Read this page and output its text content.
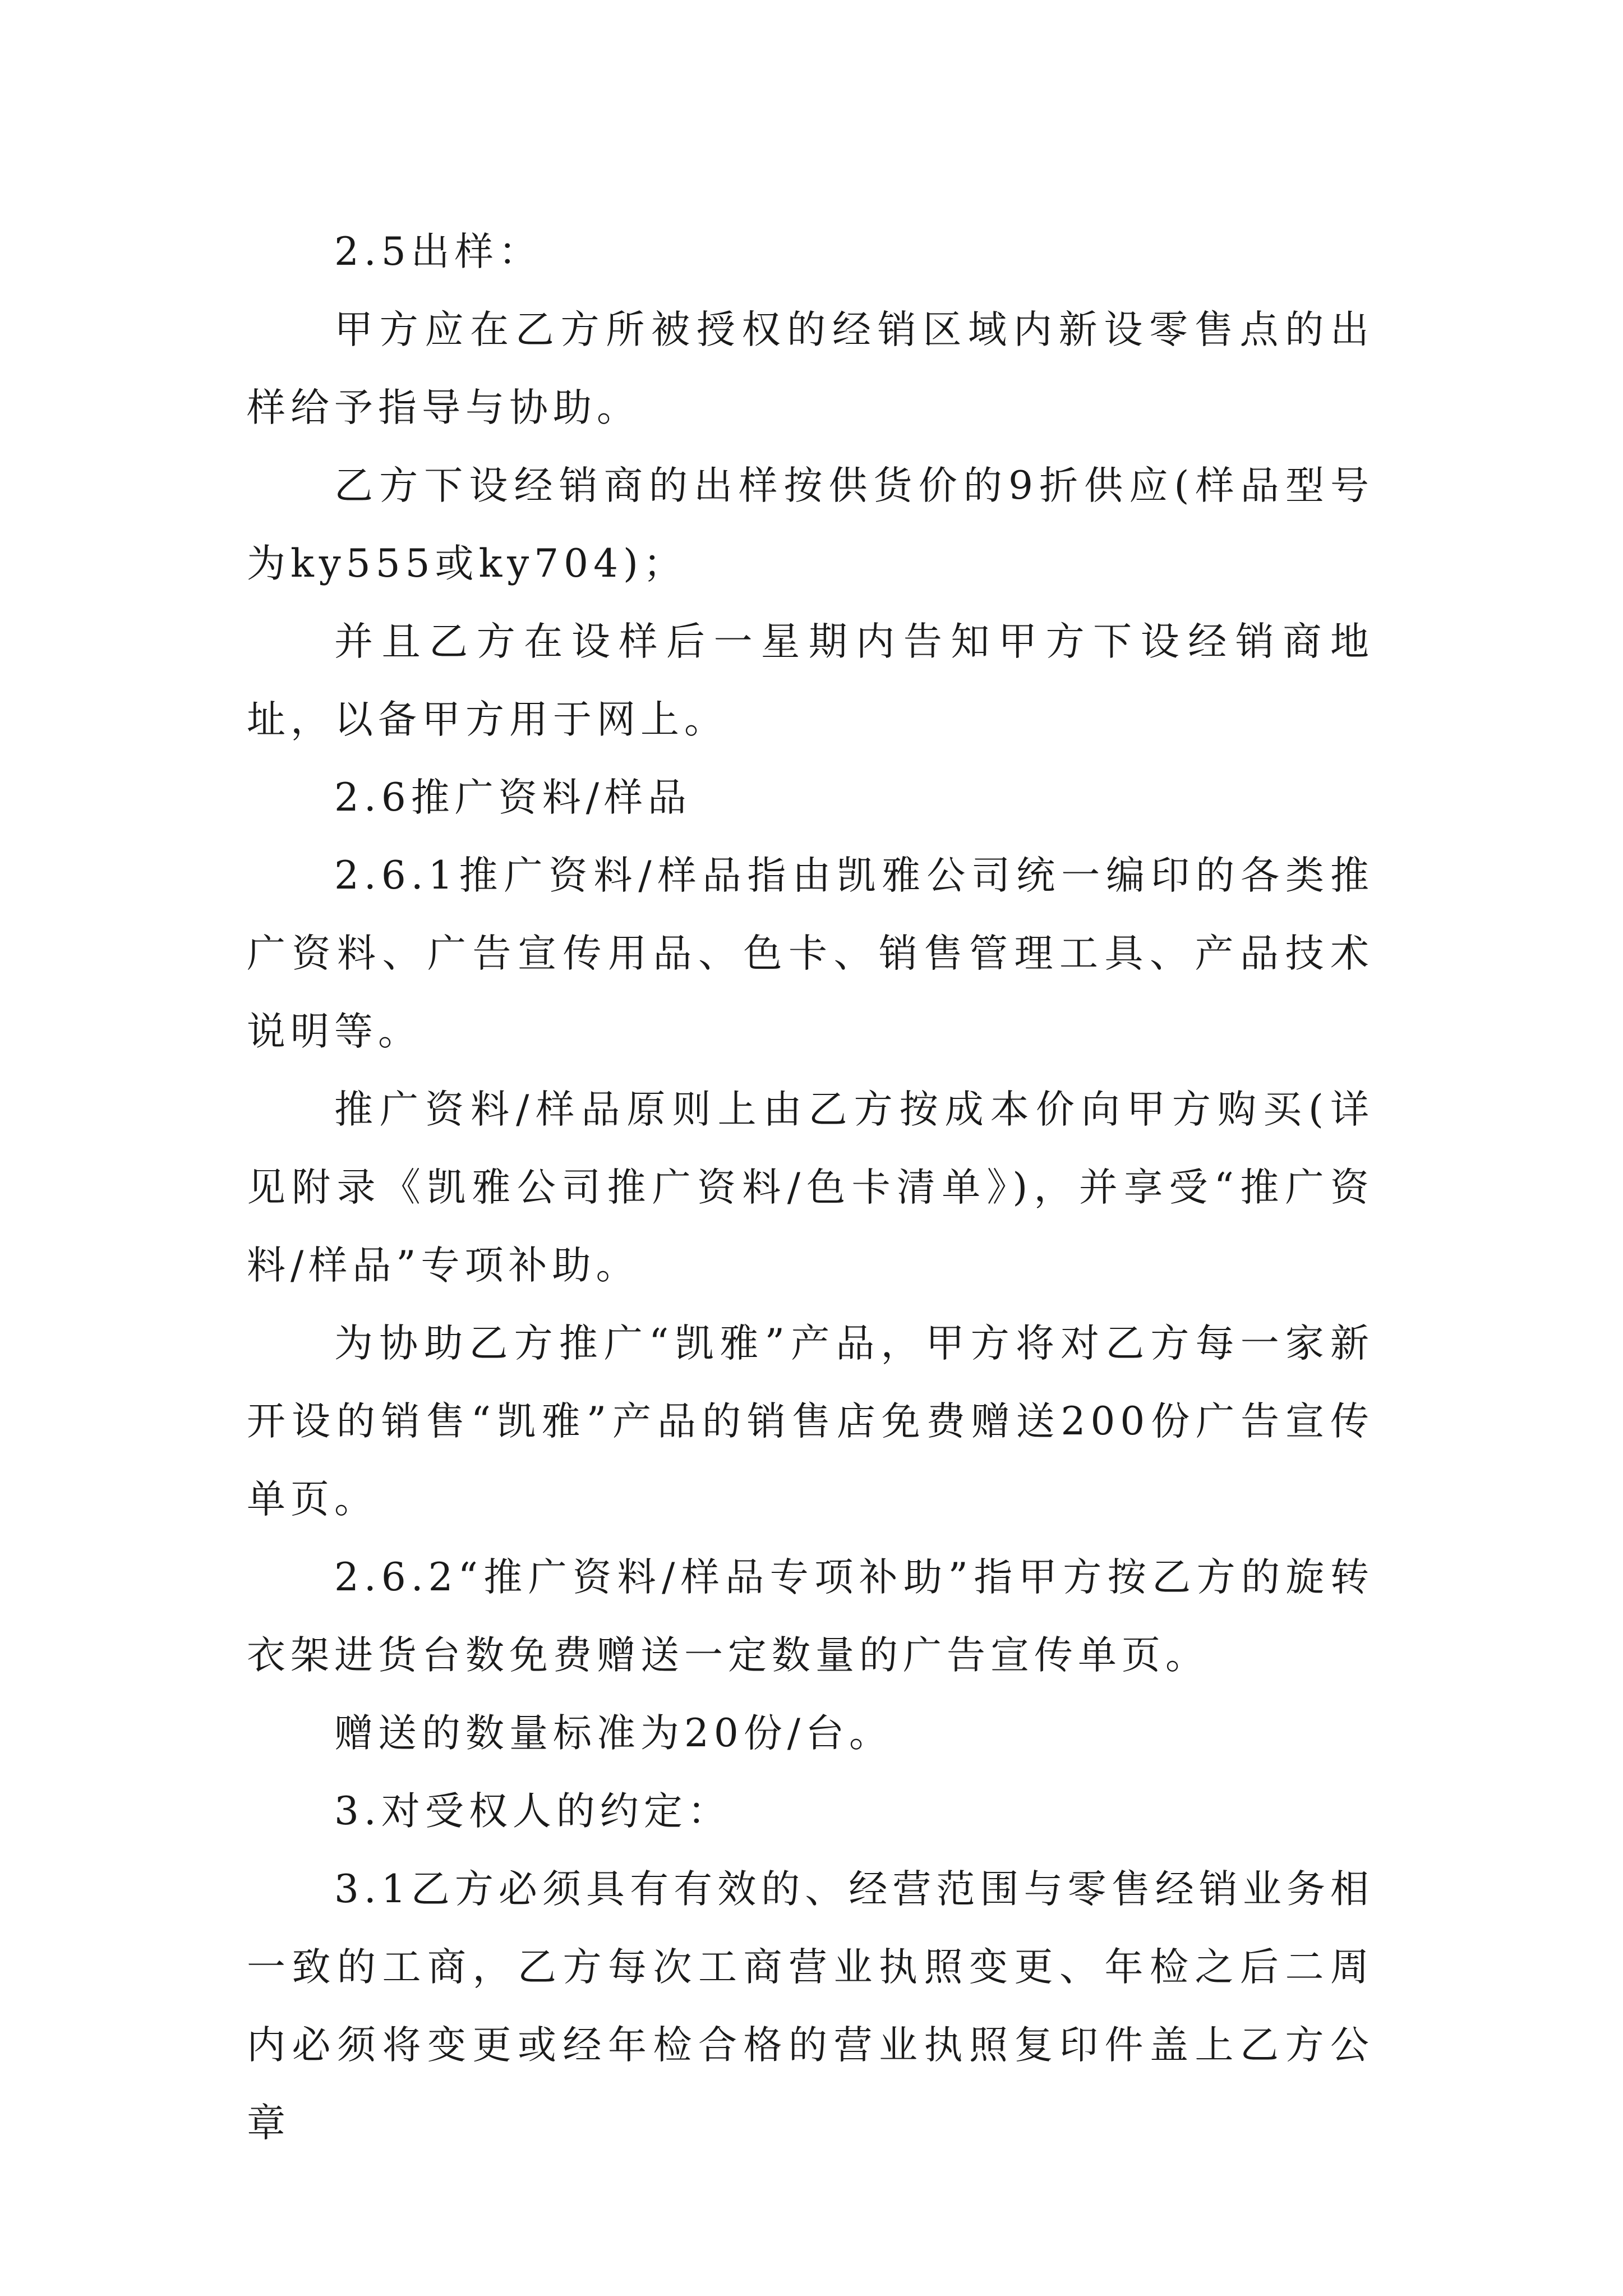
2.5出样：

甲方应在乙方所被授权的经销区域内新设零售点的出样给予指导与协助。

乙方下设经销商的出样按供货价的9折供应(样品型号为ky555或ky704)；

并且乙方在设样后一星期内告知甲方下设经销商地址，以备甲方用于网上。

2.6推广资料/样品

2.6.1推广资料/样品指由凯雅公司统一编印的各类推广资料、广告宣传用品、色卡、销售管理工具、产品技术说明等。

推广资料/样品原则上由乙方按成本价向甲方购买(详见附录《凯雅公司推广资料/色卡清单》)，并享受“推广资料/样品”专项补助。

为协助乙方推广“凯雅”产品，甲方将对乙方每一家新开设的销售“凯雅”产品的销售店免费赠送200份广告宣传单页。

2.6.2“推广资料/样品专项补助”指甲方按乙方的旋转衣架进货台数免费赠送一定数量的广告宣传单页。

赠送的数量标准为20份/台。

3.对受权人的约定：

3.1乙方必须具有有效的、经营范围与零售经销业务相一致的工商，乙方每次工商营业执照变更、年检之后二周内必须将变更或经年检合格的营业执照复印件盖上乙方公章
